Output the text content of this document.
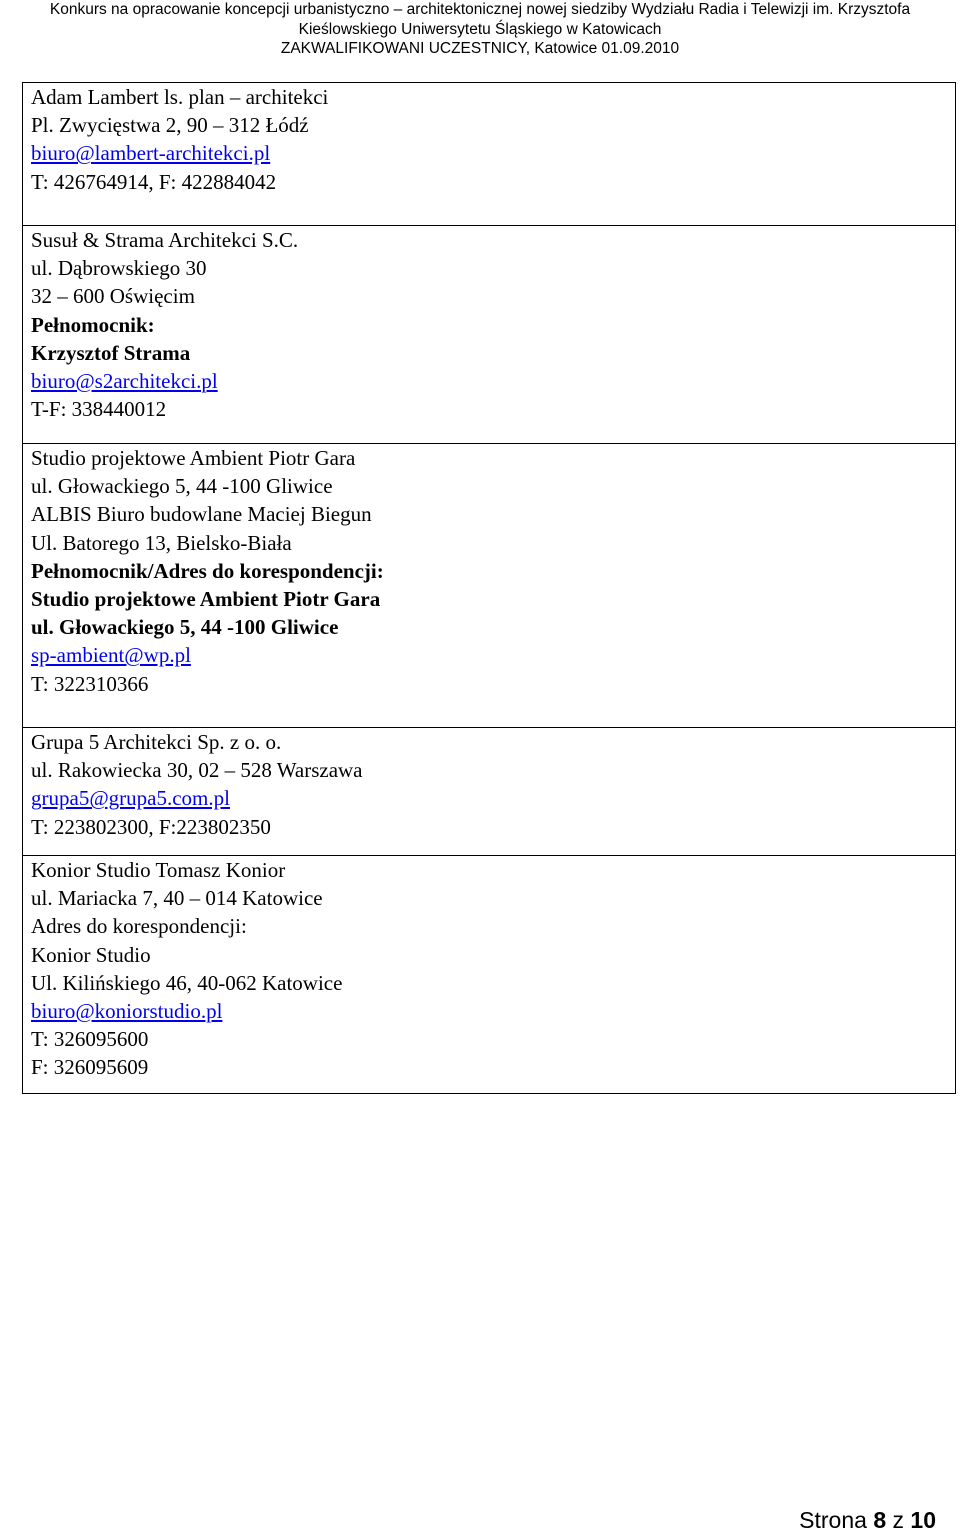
Konkurs na opracowanie koncepcji urbanistyczno – architektonicznej nowej siedziby Wydziału Radia i Telewizji im. Krzysztofa
Kieślowskiego Uniwersytetu Śląskiego w Katowicach
ZAKWALIFIKOWANI UCZESTNICY, Katowice 01.09.2010
Adam Lambert ls. plan – architekci
Pl. Zwycięstwa 2, 90 – 312 Łódź
biuro@lambert-architekci.pl
T: 426764914, F: 422884042

Susuł & Strama Architekci S.C.
ul. Dąbrowskiego 30
32 – 600 Oświęcim
Pełnomocnik:
Krzysztof Strama
biuro@s2architekci.pl
T-F: 338440012

Studio projektowe Ambient Piotr Gara
ul. Głowackiego 5, 44 -100 Gliwice
ALBIS Biuro budowlane Maciej Biegun
Ul. Batorego 13, Bielsko-Biała
Pełnomocnik/Adres do korespondencji:
Studio projektowe Ambient Piotr Gara
ul. Głowackiego 5, 44 -100 Gliwice
sp-ambient@wp.pl
T: 322310366

Grupa 5 Architekci Sp. z o. o.
ul. Rakowiecka 30, 02 – 528 Warszawa
grupa5@grupa5.com.pl
T: 223802300, F:223802350

Konior Studio Tomasz Konior
ul. Mariacka 7, 40 – 014 Katowice
Adres do korespondencji:
Konior Studio
Ul. Kilińskiego 46, 40-062 Katowice
biuro@koniorstudio.pl
T: 326095600
F: 326095609
Strona 8 z 10
